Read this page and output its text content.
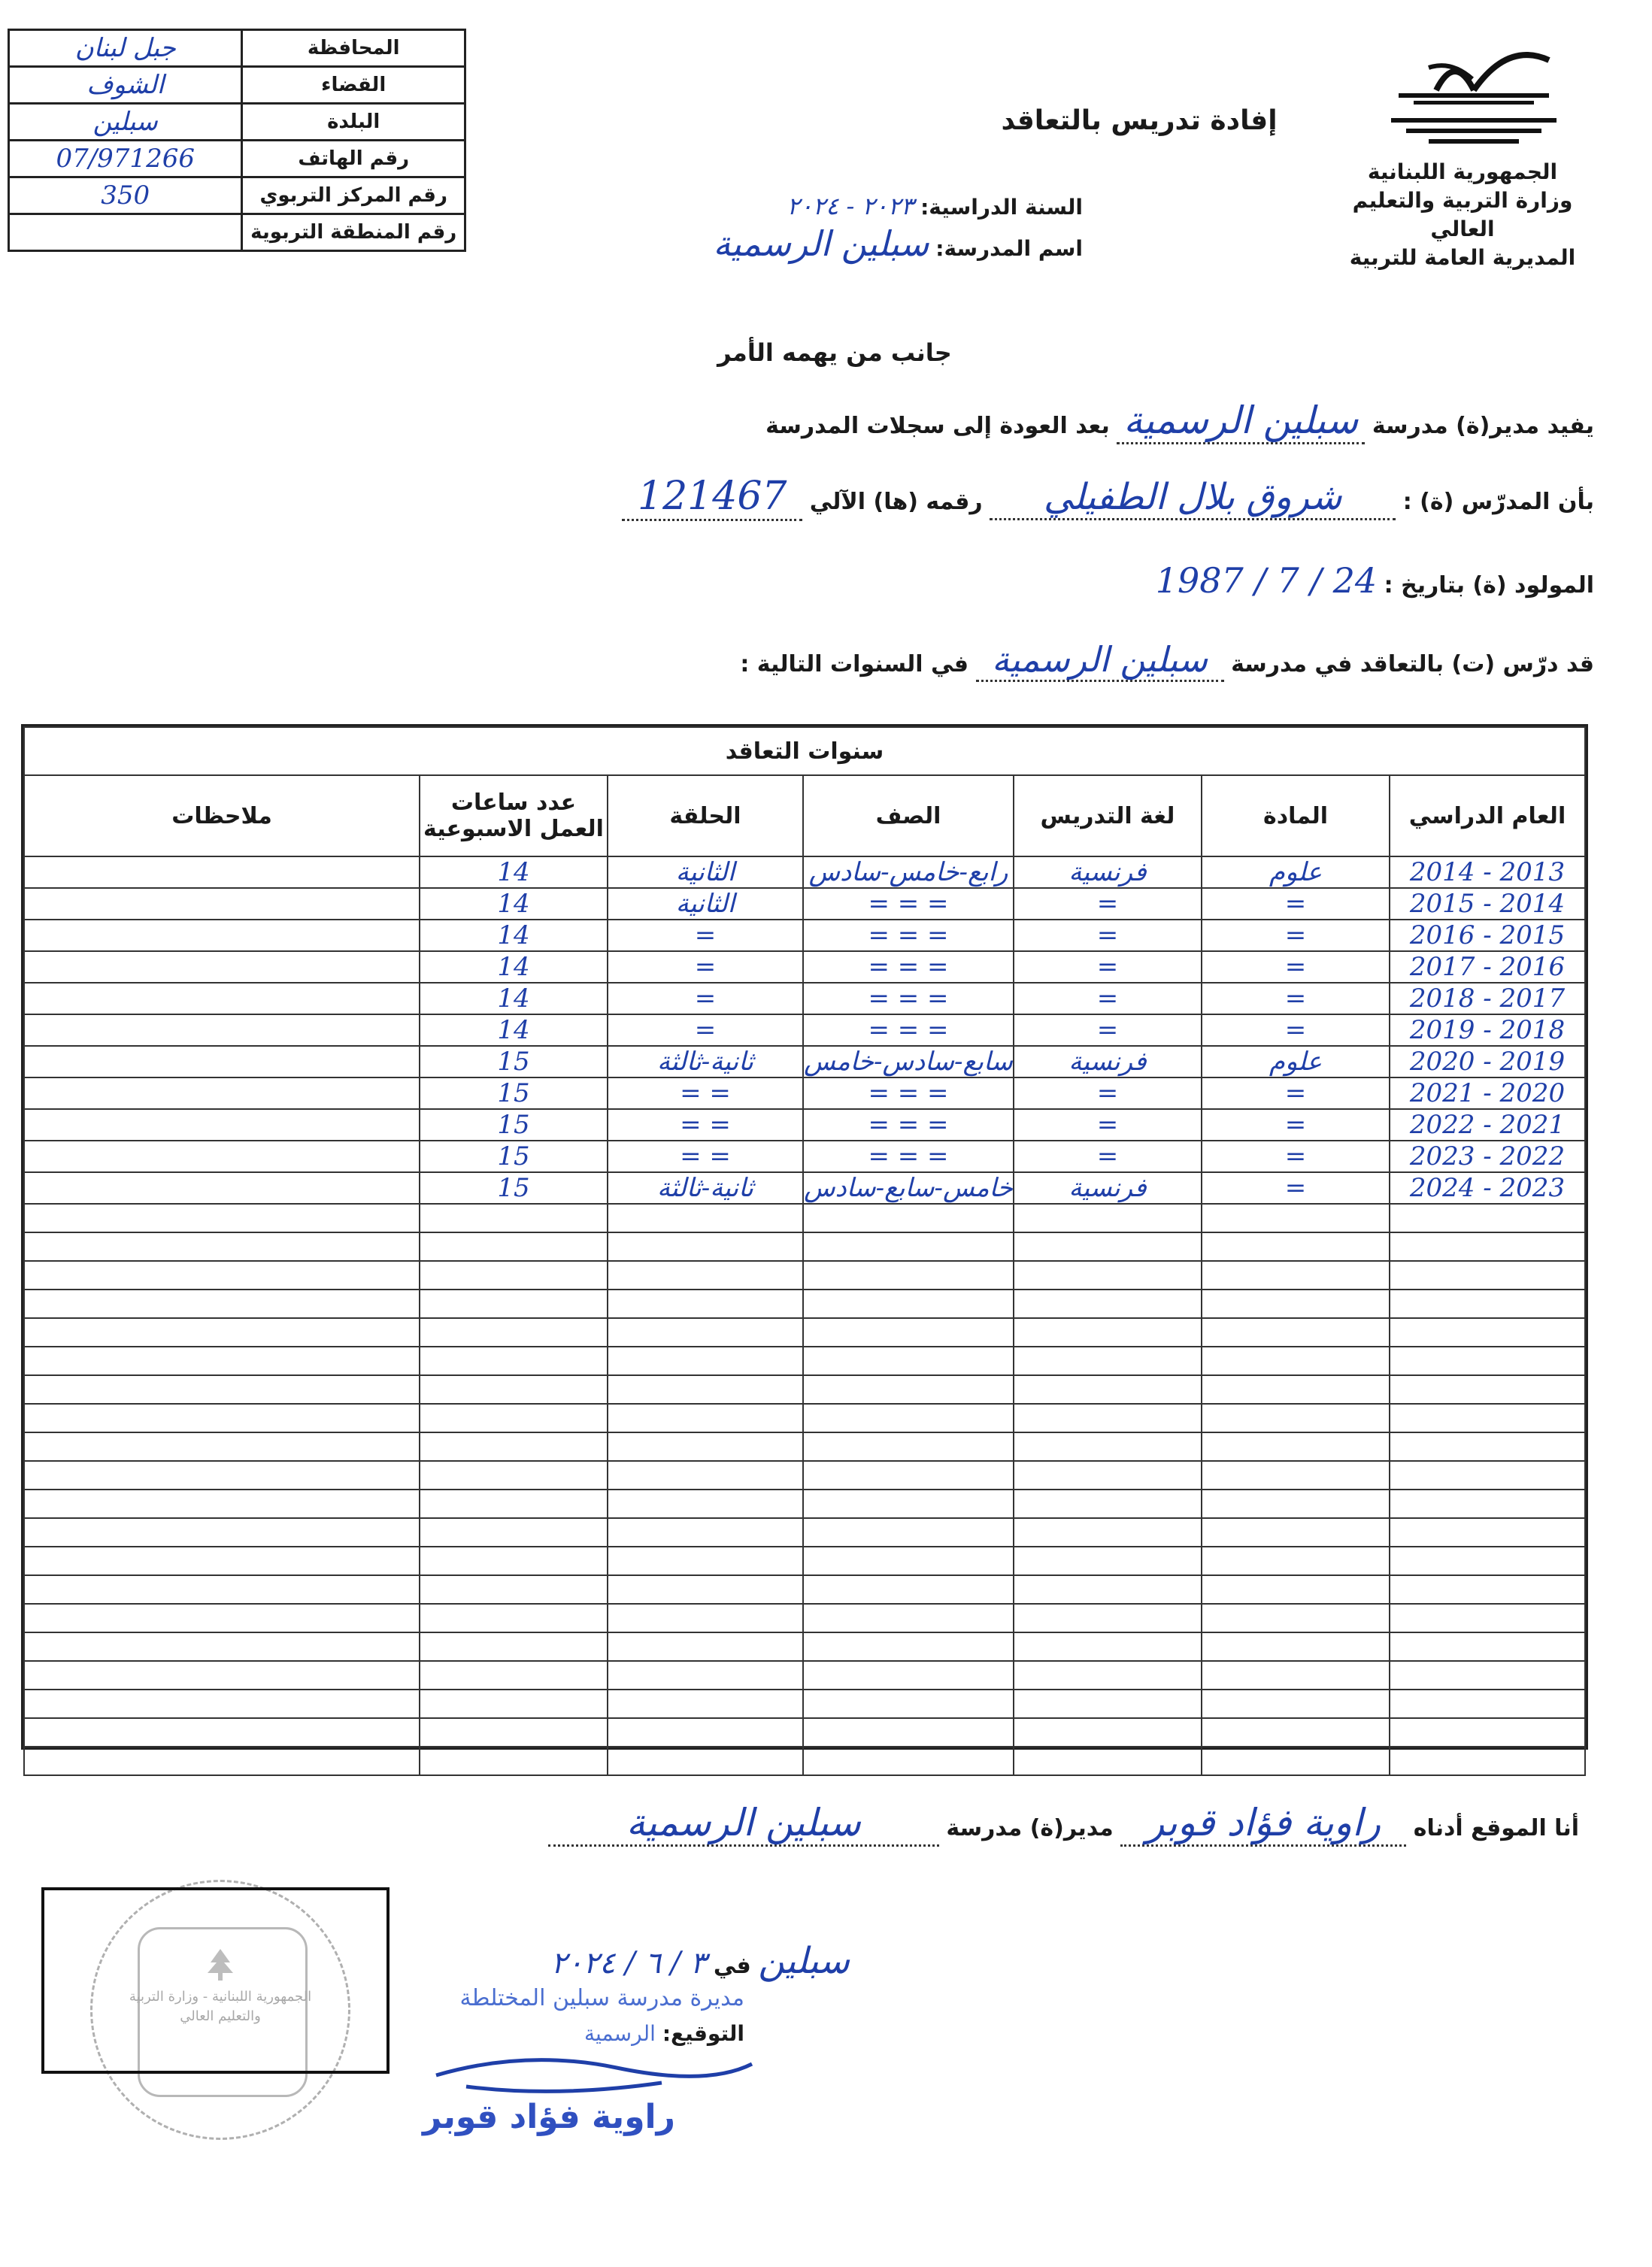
جبل لبنان	المحافظة
الشوف	القضاء
سبلين	البلدة
07/971266	رقم الهاتف
350	رقم المركز التربوي
	رقم المنطقة التربوية
الجمهورية اللبنانية
وزارة التربية والتعليم العالي
المديرية العامة للتربية
إفادة تدريس بالتعاقد
السنة الدراسية: ٢٠٢٣ - ٢٠٢٤
اسم المدرسة: سبلين الرسمية
جانب من يهمه الأمر
يفيد مدير(ة) مدرسة سبلين الرسمية بعد العودة إلى سجلات المدرسة
بأن المدرّس (ة) : شروق بلال الطفيلي رقمه (ها) الآلي 121467
المولود (ة) بتاريخ : 24 / 7 / 1987
قد درّس (ت) بالتعاقد في مدرسة سبلين الرسمية في السنوات التالية :
سنوات التعاقد						
العام الدراسي	المادة	لغة التدريس	الصف	الحلقة	عدد ساعات العمل الاسبوعية	ملاحظات
2013 - 2014	علوم	فرنسية	رابع-خامس-سادس	الثانية	14	
2014 - 2015	=	=	= = =	الثانية	14	
2015 - 2016	=	=	= = =	=	14	
2016 - 2017	=	=	= = =	=	14	
2017 - 2018	=	=	= = =	=	14	
2018 - 2019	=	=	= = =	=	14	
2019 - 2020	علوم	فرنسية	سابع-سادس-خامس	ثانية-ثالثة	15	
2020 - 2021	=	=	= = =	= =	15	
2021 - 2022	=	=	= = =	= =	15	
2022 - 2023	=	=	= = =	= =	15	
2023 - 2024	=	فرنسية	خامس-سابع-سادس	ثانية-ثالثة	15	

أنا الموقع أدناه راوية فؤاد قوبر مدير(ة) مدرسة سبلين الرسمية
الجمهورية اللبنانية - وزارة التربية والتعليم العالي
سبلين في ٣ / ٦ / ٢٠٢٤
مديرة مدرسة سبلين المختلطة
التوقيع: الرسمية
راوية فؤاد قوبر
